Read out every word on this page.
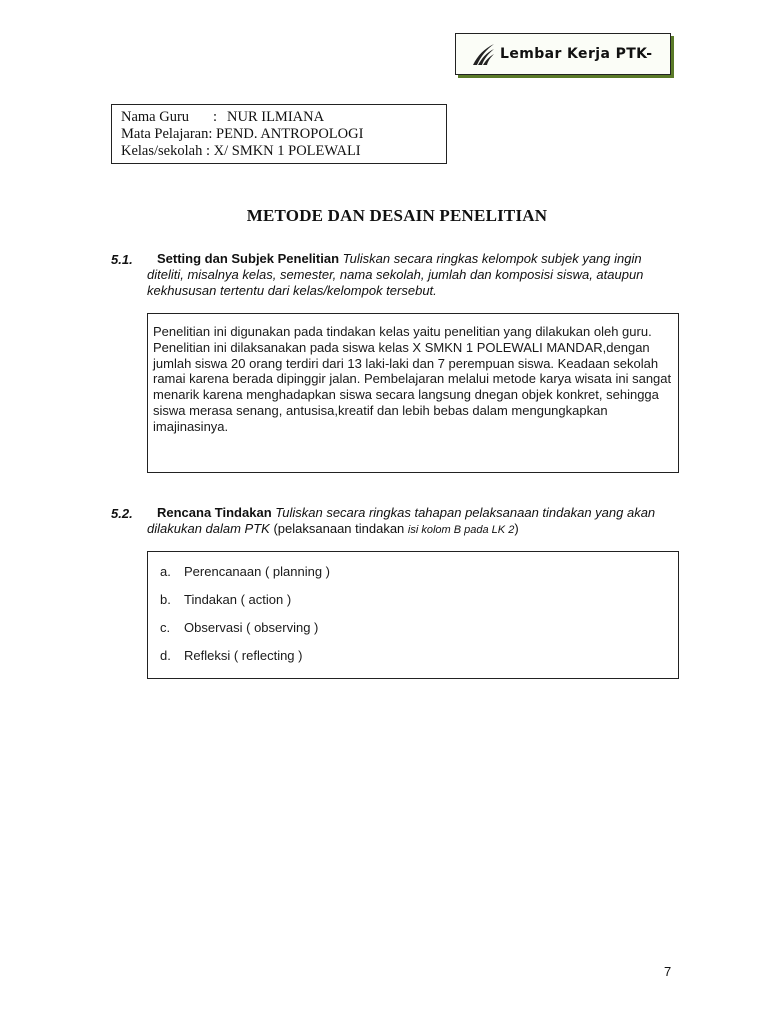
Lembar Kerja PTK-
Nama Guru	: NUR ILMIANA
Mata Pelajaran:
PEND. ANTROPOLOGI
Kelas/sekolah :
X/ SMKN 1 POLEWALI
METODE DAN DESAIN PENELITIAN
5.1.	Setting dan Subjek Penelitian Tuliskan secara ringkas kelompok subjek yang ingin diteliti, misalnya kelas, semester, nama sekolah, jumlah dan komposisi siswa, ataupun kekhususan tertentu dari kelas/kelompok tersebut.
Penelitian ini digunakan pada tindakan kelas yaitu penelitian yang dilakukan oleh guru. Penelitian ini dilaksanakan pada siswa kelas X SMKN 1 POLEWALI MANDAR,dengan jumlah siswa 20 orang terdiri dari 13 laki-laki dan 7 perempuan siswa. Keadaan sekolah ramai karena berada dipinggir jalan. Pembelajaran melalui metode karya wisata ini sangat menarik karena menghadapkan siswa secara langsung dnegan objek konkret, sehingga siswa merasa senang, antusisa,kreatif dan lebih bebas dalam mengungkapkan imajinasinya.
5.2.	Rencana Tindakan Tuliskan secara ringkas tahapan pelaksanaan tindakan yang akan dilakukan dalam PTK (pelaksanaan tindakan isi kolom B pada LK 2)
a.	Perencanaan ( planning )
b.	Tindakan ( action )
c.	Observasi ( observing )
d.	Refleksi ( reflecting )
7
